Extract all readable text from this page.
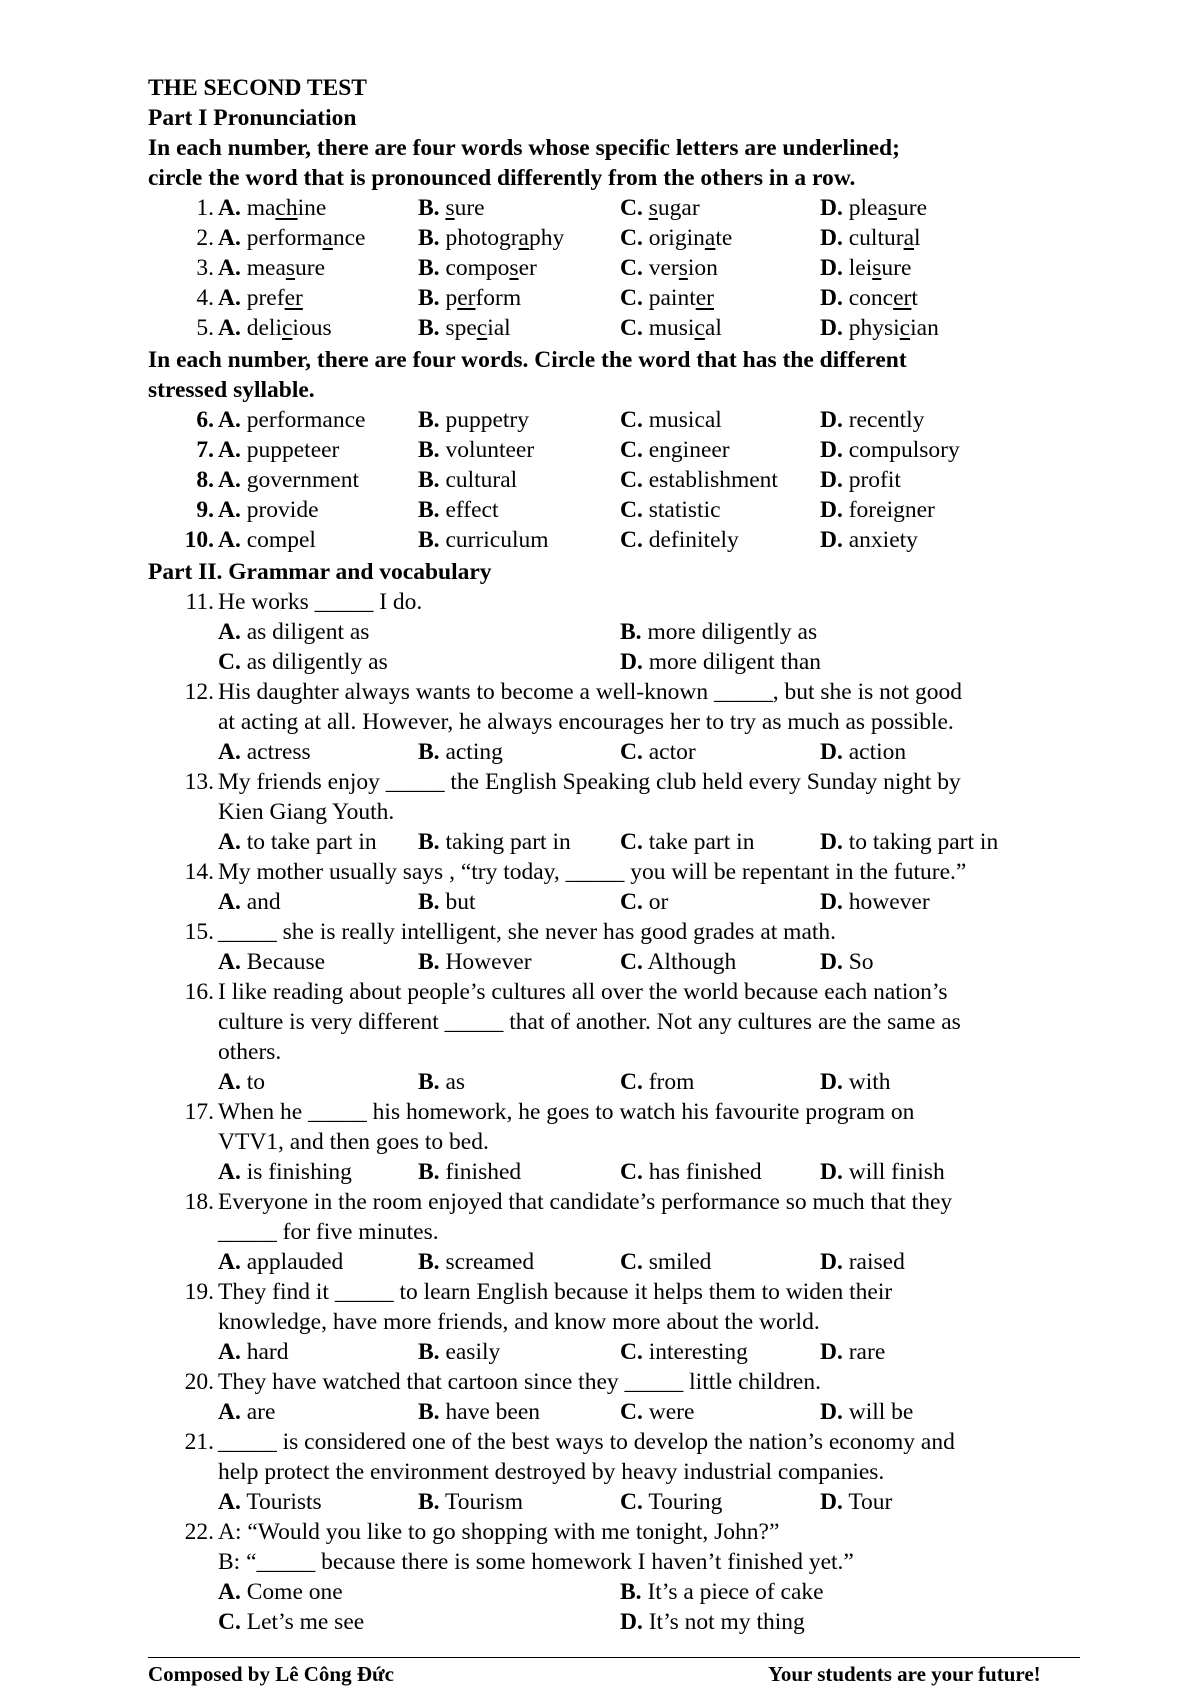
THE SECOND TEST
Part I Pronunciation
In each number, there are four words whose specific letters are underlined;
circle the word that is pronounced differently from the others in a row.
In each number, there are four words. Circle the word that has the different
stressed syllable.
Part II. Grammar and vocabulary
Composed by Lê Công Đức	Your students are your future!
1. A. machine	B. sure	C. sugar	D. pleasure
2. A. performance B. photography C. originate	D. cultural
3. A. measure	B. composer	C. version	D. leisure
4. A. prefer	B. perform	C. painter	D. concert
5. A. delicious	B. special	C. musical	D. physician
6. A. performance B. puppetry	C. musical	D. recently
7. A. puppeteer	B. volunteer	C. engineer	D. compulsory
8. A. government	B. cultural	C. establishment D. profit
9. A. provide	B. effect	C. statistic	D. foreigner
10. A. compel	B. curriculum	C. definitely	D. anxiety
11. He works _____ I do.
A. as diligent as	B. more diligently as
C. as diligently as	D. more diligent than
12. His daughter always wants to become a well-known _____, but she is not good
at acting at all. However, he always encourages her to try as much as possible.
A. actress	B. acting	C. actor	D. action
13. My friends enjoy _____ the English Speaking club held every Sunday night by
Kien Giang Youth.
A. to take part in B. taking part in C. take part in	D. to taking part in
14. My mother usually says , “try today, _____ you will be repentant in the future.”
A. and	B. but	C. or	D. however
15. _____ she is really intelligent, she never has good grades at math.
A. Because	B. However	C. Although	D. So
16. I like reading about people’s cultures all over the world because each nation’s
culture is very different _____ that of another. Not any cultures are the same as
others.
A. to	B. as	C. from	D. with
17. When he _____ his homework, he goes to watch his favourite program on
VTV1, and then goes to bed.
A. is finishing	B. finished	C. has finished D. will finish
18. Everyone in the room enjoyed that candidate’s performance so much that they
_____ for five minutes.
A. applauded	B. screamed	C. smiled	D. raised
19. They find it _____ to learn English because it helps them to widen their
knowledge, have more friends, and know more about the world.
A. hard	B. easily	C. interesting	D. rare
20. They have watched that cartoon since they _____ little children.
A. are	B. have been	C. were	D. will be
21. _____ is considered one of the best ways to develop the nation’s economy and
help protect the environment destroyed by heavy industrial companies.
A. Tourists	B. Tourism	C. Touring	D. Tour
22. A: “Would you like to go shopping with me tonight, John?”
B: “_____ because there is some homework I haven’t finished yet.”
A. Come one	B. It’s a piece of cake
C. Let’s me see	D. It’s not my thing
